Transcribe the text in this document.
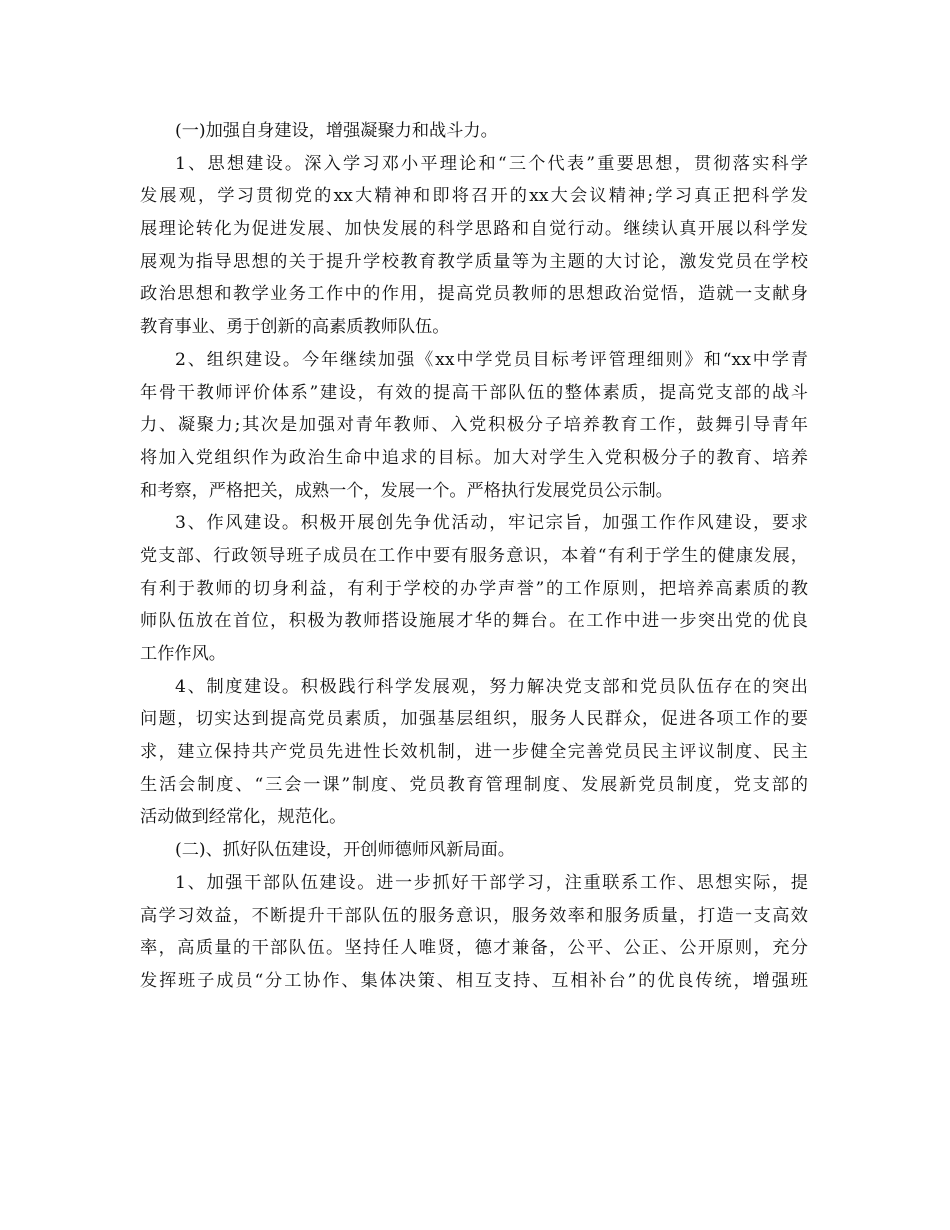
(一)加强自身建设，增强凝聚力和战斗力。
1、思想建设。深入学习邓小平理论和“三个代表”重要思想，贯彻落实科学
发展观，学习贯彻党的xx大精神和即将召开的xx大会议精神;学习真正把科学发
展理论转化为促进发展、加快发展的科学思路和自觉行动。继续认真开展以科学发
展观为指导思想的关于提升学校教育教学质量等为主题的大讨论，激发党员在学校
政治思想和教学业务工作中的作用，提高党员教师的思想政治觉悟，造就一支献身
教育事业、勇于创新的高素质教师队伍。
2、组织建设。今年继续加强《xx中学党员目标考评管理细则》和“xx中学青
年骨干教师评价体系”建设，有效的提高干部队伍的整体素质，提高党支部的战斗
力、凝聚力;其次是加强对青年教师、入党积极分子培养教育工作，鼓舞引导青年
将加入党组织作为政治生命中追求的目标。加大对学生入党积极分子的教育、培养
和考察，严格把关，成熟一个，发展一个。严格执行发展党员公示制。
3、作风建设。积极开展创先争优活动，牢记宗旨，加强工作作风建设，要求
党支部、行政领导班子成员在工作中要有服务意识，本着“有利于学生的健康发展，
有利于教师的切身利益，有利于学校的办学声誉”的工作原则，把培养高素质的教
师队伍放在首位，积极为教师搭设施展才华的舞台。在工作中进一步突出党的优良
工作作风。
4、制度建设。积极践行科学发展观，努力解决党支部和党员队伍存在的突出
问题，切实达到提高党员素质，加强基层组织，服务人民群众，促进各项工作的要
求，建立保持共产党员先进性长效机制，进一步健全完善党员民主评议制度、民主
生活会制度、“三会一课”制度、党员教育管理制度、发展新党员制度，党支部的
活动做到经常化，规范化。
(二)、抓好队伍建设，开创师德师风新局面。
1、加强干部队伍建设。进一步抓好干部学习，注重联系工作、思想实际，提
高学习效益，不断提升干部队伍的服务意识，服务效率和服务质量，打造一支高效
率，高质量的干部队伍。坚持任人唯贤，德才兼备，公平、公正、公开原则，充分
发挥班子成员“分工协作、集体决策、相互支持、互相补台”的优良传统，增强班
